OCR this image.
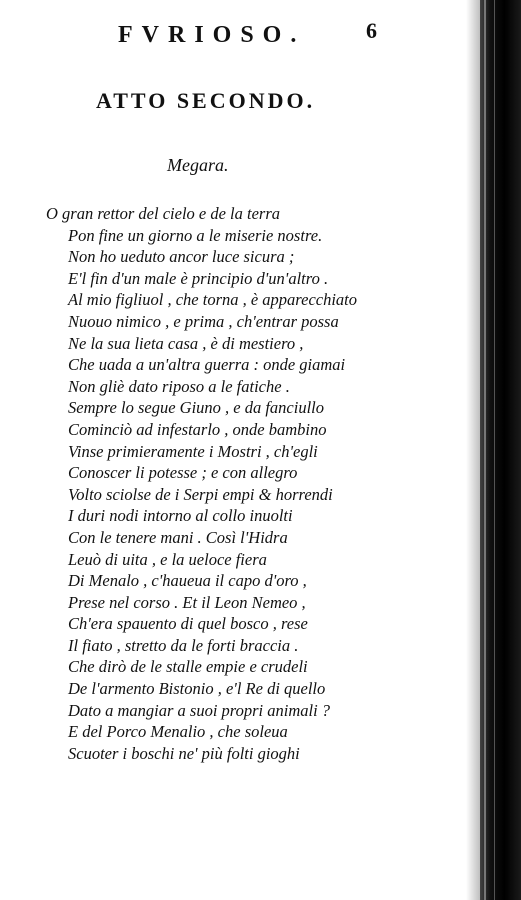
FVRIOSO.	6
ATTO SECONDO.
Megara.
O gran rettor del cielo e de la terra
Pon fine un giorno a le miserie nostre.
Non ho ueduto ancor luce sicura ;
E'l fin d'un male è principio d'un'altro .
Al mio figliuol , che torna , è apparecchiato
Nuouo nimico , e prima , ch'entrar possa
Ne la sua lieta casa , è di mestiero ,
Che uada a un'altra guerra : onde giamai
Non gliè dato riposo a le fatiche .
Sempre lo segue Giuno , e da fanciullo
Cominciò ad infestarlo , onde bambino
Vinse primieramente i Mostri , ch'egli
Conoscer li potesse ; e con allegro
Volto sciolse de i Serpi empi & horrendi
I duri nodi intorno al collo inuolti
Con le tenere mani . Così l'Hidra
Leuò di uita , e la ueloce fiera
Di Menalo , c'haueua il capo d'oro ,
Prese nel corso . Et il Leon Nemeo ,
Ch'era spauento di quel bosco , rese
Il fiato , stretto da le forti braccia .
Che dirò de le stalle empie e crudeli
De l'armento Bistonio , e'l Re di quello
Dato a mangiar a suoi propri animali ?
E del Porco Menalio , che soleua
Scuoter i boschi ne' più folti gioghi
